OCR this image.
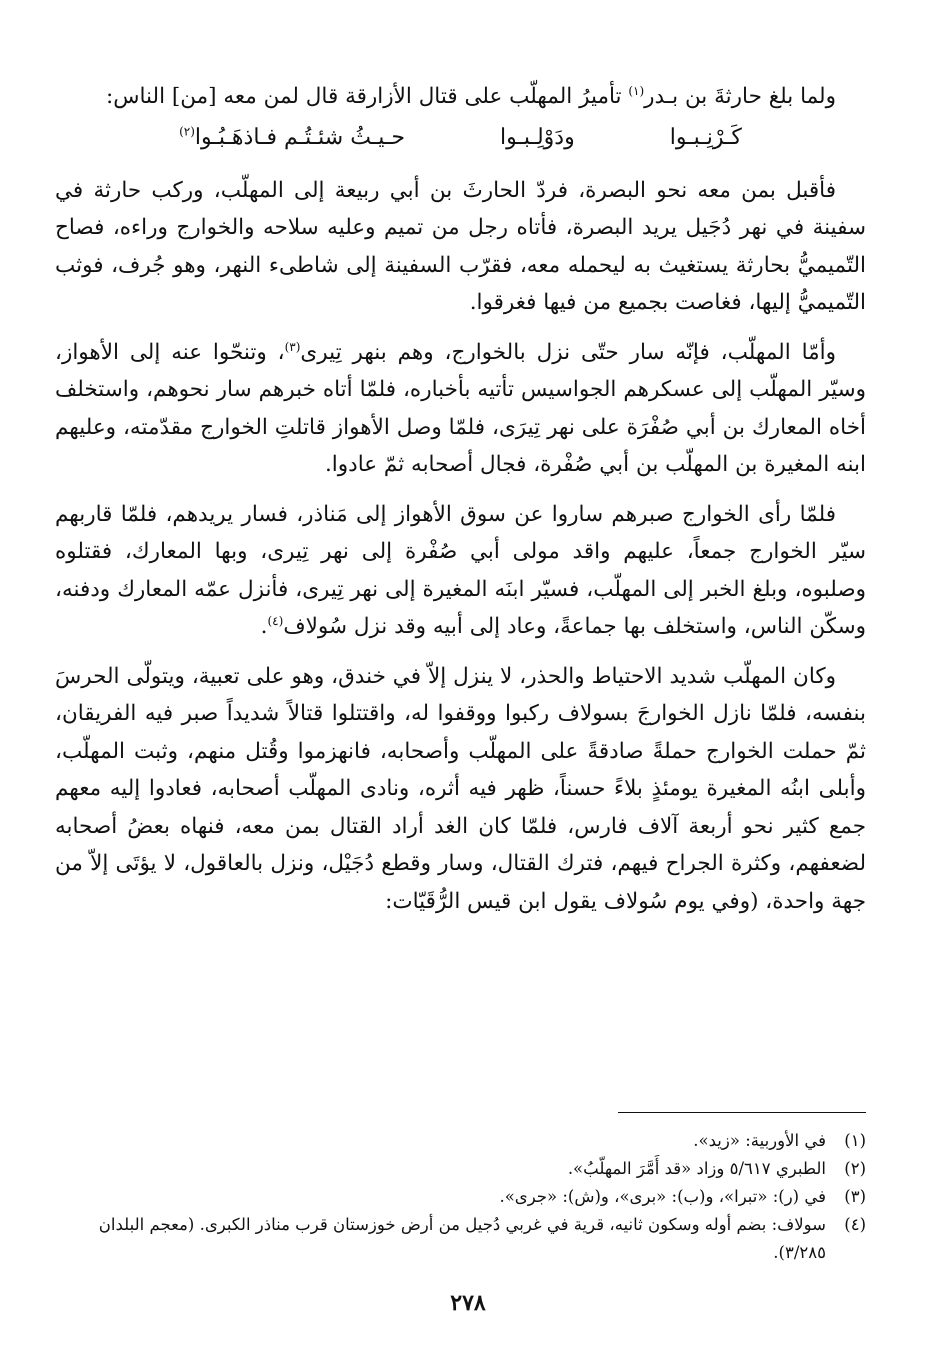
ولما بلغ حارثةَ بن بـدر$^{(١)}$ تأميرُ المهلّب على قتال الأزارقة قال لمن معه [من] الناس:

كَـرْنِـبـوا
ودَوْلِـبـوا
حـيـثُ شئـتُـم فـاذهَـبُـوا$^{(٢)}$

فأقبل بمن معه نحو البصرة، فردّ الحارثَ بن أبي ربيعة إلى المهلّب، وركب حارثة في سفينة في نهر دُجَيل يريد البصرة، فأتاه رجل من تميم وعليه سلاحه والخوارج وراءه، فصاح التّميميُّ بحارثة يستغيث به ليحمله معه، فقرّب السفينة إلى شاطىء النهر، وهو جُرف، فوثب التّميميُّ إليها، فغاصت بجميع من فيها فغرقوا.

وأمّا المهلّب، فإنّه سار حتّى نزل بالخوارج، وهم بنهر تِيرى$^{(٣)}$، وتنحّوا عنه إلى الأهواز، وسيّر المهلّب إلى عسكرهم الجواسيس تأتيه بأخباره، فلمّا أتاه خبرهم سار نحوهم، واستخلف أخاه المعارك بن أبي صُفْرَة على نهر تِيرَى، فلمّا وصل الأهواز قاتلتِ الخوارج مقدّمته، وعليهم ابنه المغيرة بن المهلّب بن أبي صُفْرة، فجال أصحابه ثمّ عادوا.

فلمّا رأى الخوارج صبرهم ساروا عن سوق الأهواز إلى مَناذر، فسار يريدهم، فلمّا قاربهم سيّر الخوارج جمعاً، عليهم واقد مولى أبي صُفْرة إلى نهر تِيرى، وبها المعارك، فقتلوه وصلبوه، وبلغ الخبر إلى المهلّب، فسيّر ابنَه المغيرة إلى نهر تِيرى، فأنزل عمّه المعارك ودفنه، وسكّن الناس، واستخلف بها جماعةً، وعاد إلى أبيه وقد نزل سُولاف$^{(٤)}$.

وكان المهلّب شديد الاحتياط والحذر، لا ينزل إلاّ في خندق، وهو على تعبية، ويتولّى الحرسَ بنفسه، فلمّا نازل الخوارجَ بسولاف ركبوا ووقفوا له، واقتتلوا قتالاً شديداً صبر فيه الفريقان، ثمّ حملت الخوارج حملةً صادقةً على المهلّب وأصحابه، فانهزموا وقُتل منهم، وثبت المهلّب، وأبلى ابنُه المغيرة يومئذٍ بلاءً حسناً، ظهر فيه أثره، ونادى المهلّب أصحابه، فعادوا إليه معهم جمع كثير نحو أربعة آلاف فارس، فلمّا كان الغد أراد القتال بمن معه، فنهاه بعضُ أصحابه لضعفهم، وكثرة الجراح فيهم، فترك القتال، وسار وقطع دُجَيْل، ونزل بالعاقول، لا يؤتَى إلاّ من جهة واحدة، (وفي يوم سُولاف يقول ابن قيس الرُّقَيّات:

(١)
في الأوربية: «زيد».
(٢)
الطبري ٥/٦١٧ وزاد «قد أَمَّرَ المهلّبُ».
(٣)
في (ر): «تبرا»، و(ب): «برى»، و(ش): «جرى».
(٤)
سولاف: بضم أوله وسكون ثانيه، قرية في غربي دُجيل من أرض خوزستان قرب مناذر الكبرى. (معجم البلدان ٣/٢٨٥).
٢٧٨
